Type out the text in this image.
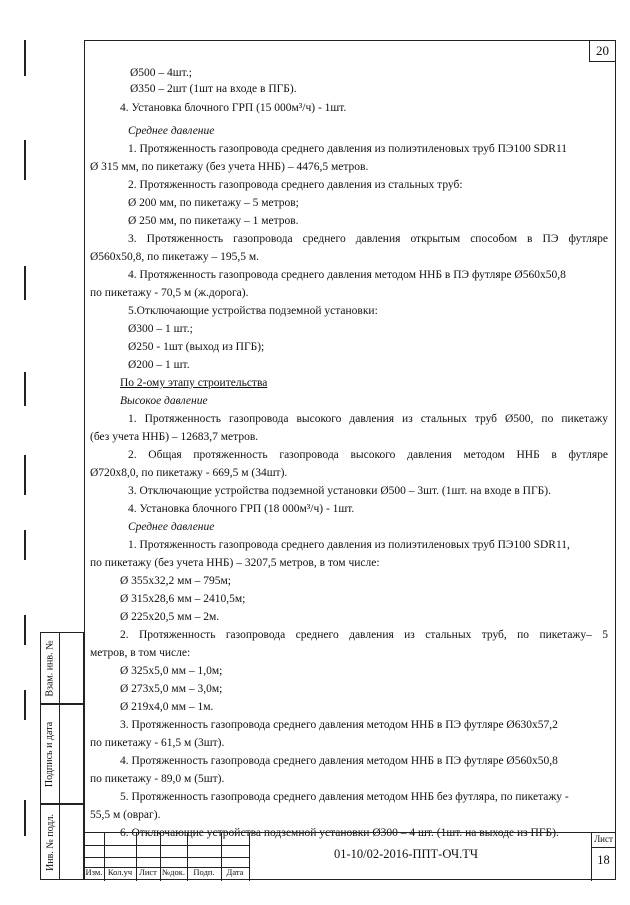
20
Ø500 – 4шт.;
Ø350 – 2шт (1шт на входе в ПГБ).
4. Установка блочного ГРП (15 000м³/ч) - 1шт.
Среднее давление
1. Протяженность газопровода среднего давления из полиэтиленовых труб ПЭ100 SDR11
Ø 315 мм, по пикетажу (без учета ННБ) – 4476,5 метров.
2. Протяженность газопровода среднего давления из стальных труб:
Ø 200 мм, по пикетажу – 5 метров;
Ø 250 мм, по пикетажу – 1 метров.
3. Протяженность газопровода среднего давления открытым способом в ПЭ футляре
Ø560x50,8, по пикетажу – 195,5 м.
4. Протяженность газопровода среднего давления методом ННБ в ПЭ футляре Ø560x50,8
по пикетажу - 70,5 м (ж.дорога).
5.Отключающие устройства подземной установки:
Ø300 – 1 шт.;
Ø250 - 1шт (выход из ПГБ);
Ø200 – 1 шт.
По 2-ому этапу строительства
Высокое давление
1. Протяженность газопровода высокого давления из стальных труб Ø500, по пикетажу
(без учета ННБ) – 12683,7 метров.
2. Общая протяженность газопровода высокого давления методом ННБ в футляре
Ø720x8,0, по пикетажу - 669,5 м (34шт).
3. Отключающие устройства подземной установки Ø500 – 3шт. (1шт. на входе в ПГБ).
4. Установка блочного ГРП (18 000м³/ч) - 1шт.
Среднее давление
1. Протяженность газопровода среднего давления из полиэтиленовых труб ПЭ100 SDR11,
по пикетажу (без учета ННБ) – 3207,5 метров, в том числе:
Ø 355x32,2 мм – 795м;
Ø 315x28,6 мм – 2410,5м;
Ø 225x20,5 мм – 2м.
2. Протяженность газопровода среднего давления из стальных труб, по пикетажу– 5
метров, в том числе:
Ø 325x5,0 мм – 1,0м;
Ø 273x5,0 мм – 3,0м;
Ø 219x4,0 мм – 1м.
3. Протяженность газопровода среднего давления методом ННБ в ПЭ футляре Ø630x57,2
по пикетажу - 61,5 м (3шт).
4. Протяженность газопровода среднего давления методом ННБ в ПЭ футляре Ø560x50,8
по пикетажу - 89,0 м (5шт).
5. Протяженность газопровода среднего давления методом ННБ без футляра, по пикетажу -
55,5 м (овраг).
6. Отключающие устройства подземной установки Ø300 – 4 шт. (1шт. на выходе из ПГБ).
Взам. инв. №
Подпись и дата
Инв. № подл.
Изм. Кол.уч Лист №док. Подп.	Дата
01-10/02-2016-ППТ-ОЧ.ТЧ
Лист
18
